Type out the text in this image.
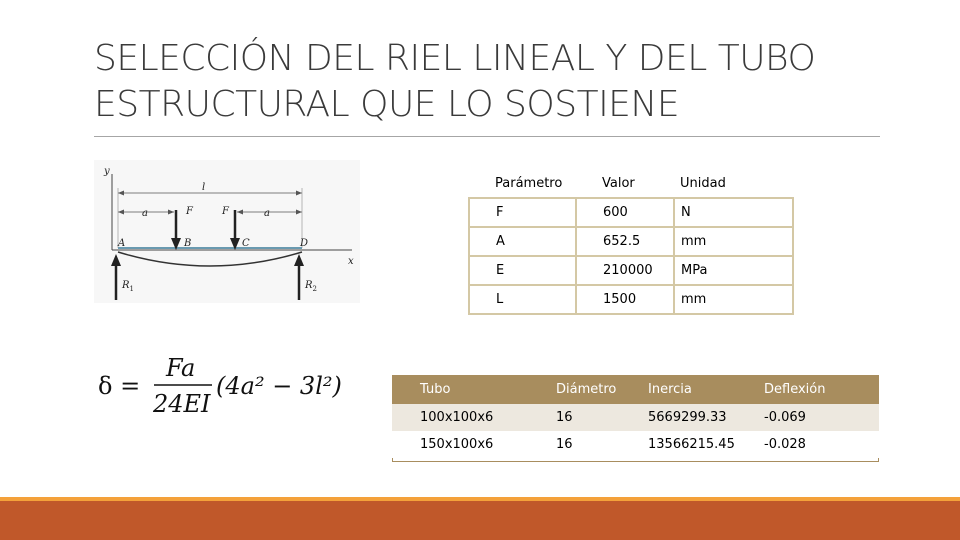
SELECCIÓN DEL RIEL LINEAL Y DEL TUBO
ESTRUCTURAL QUE LO SOSTIENE
y
x
l
a	a
F	F
A	B	C	D
$R_1$	$R_2$
δ =
Fa
24EI
(4a² − 3l²)
Parámetro	Valor	Unidad
F	600	N
A	652.5	mm
E	210000	MPa
L	1500	mm
Tubo	Diámetro	Inercia	Deflexión
100x100x6	16	5669299.33	-0.069
150x100x6	16	13566215.45	-0.028
